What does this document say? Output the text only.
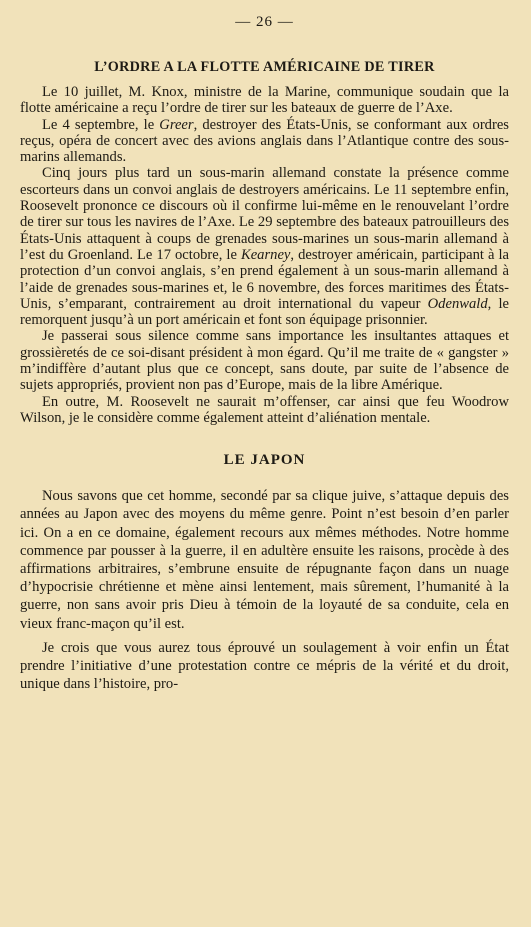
— 26 —
L’ORDRE A LA FLOTTE AMÉRICAINE DE TIRER

Le 10 juillet, M. Knox, ministre de la Marine, communique soudain que la flotte américaine a reçu l’ordre de tirer sur les bateaux de guerre de l’Axe.

Le 4 septembre, le Greer, destroyer des États-Unis, se conformant aux ordres reçus, opéra de concert avec des avions anglais dans l’Atlantique contre des sous-marins allemands.

Cinq jours plus tard un sous-marin allemand constate la présence comme escorteurs dans un convoi anglais de destroyers américains. Le 11 septembre enfin, Roosevelt prononce ce discours où il confirme lui-même en le renouvelant l’ordre de tirer sur tous les navires de l’Axe. Le 29 septembre des bateaux patrouilleurs des États-Unis attaquent à coups de grenades sous-marines un sous-marin allemand à l’est du Groenland. Le 17 octobre, le Kearney, destroyer américain, participant à la protection d’un convoi anglais, s’en prend également à un sous-marin allemand à l’aide de grenades sous-marines et, le 6 novembre, des forces maritimes des États-Unis, s’emparant, contrairement au droit international du vapeur Odenwald, le remorquent jusqu’à un port américain et font son équipage prisonnier.

Je passerai sous silence comme sans importance les insultantes attaques et grossièretés de ce soi-disant président à mon égard. Qu’il me traite de « gangster » m’indiffère d’autant plus que ce concept, sans doute, par suite de l’absence de sujets appropriés, provient non pas d’Europe, mais de la libre Amérique.

En outre, M. Roosevelt ne saurait m’offenser, car ainsi que feu Woodrow Wilson, je le considère comme également atteint d’aliénation mentale.

LE JAPON

Nous savons que cet homme, secondé par sa clique juive, s’attaque depuis des années au Japon avec des moyens du même genre. Point n’est besoin d’en parler ici. On a en ce domaine, également recours aux mêmes méthodes. Notre homme commence par pousser à la guerre, il en adultère ensuite les raisons, procède à des affirmations arbitraires, s’embrune ensuite de répugnante façon dans un nuage d’hypocrisie chrétienne et mène ainsi lentement, mais sûrement, l’humanité à la guerre, non sans avoir pris Dieu à témoin de la loyauté de sa conduite, cela en vieux franc-maçon qu’il est.

Je crois que vous aurez tous éprouvé un soulagement à voir enfin un État prendre l’initiative d’une protestation contre ce mépris de la vérité et du droit, unique dans l’histoire, pro-
